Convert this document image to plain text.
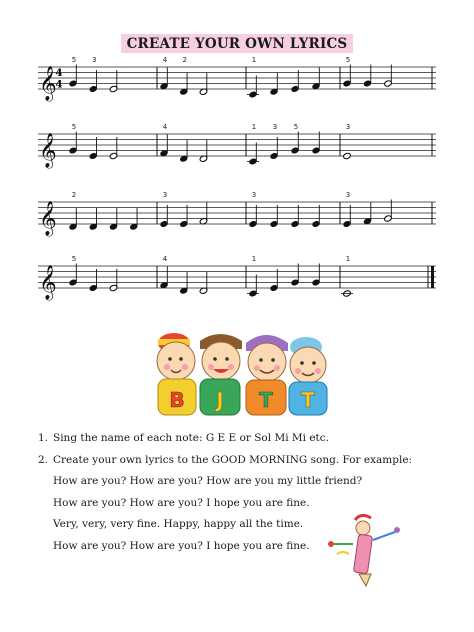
CREATE YOUR OWN LYRICS
𝄞
4
4
5 3	4 2	1	5
𝄞
5	4	1 3 5	3
𝄞
2	3	3	3
𝄞
5	4	1	1
B J T T
1. Sing the name of each note: G E E or Sol Mi Mi etc.
2. Create your own lyrics to the GOOD MORNING song. For example:
How are you? How are you? How are you my little friend?
How are you? How are you? I hope you are fine.
Very, very, very fine. Happy, happy all the time.
How are you? How are you? I hope you are fine.
